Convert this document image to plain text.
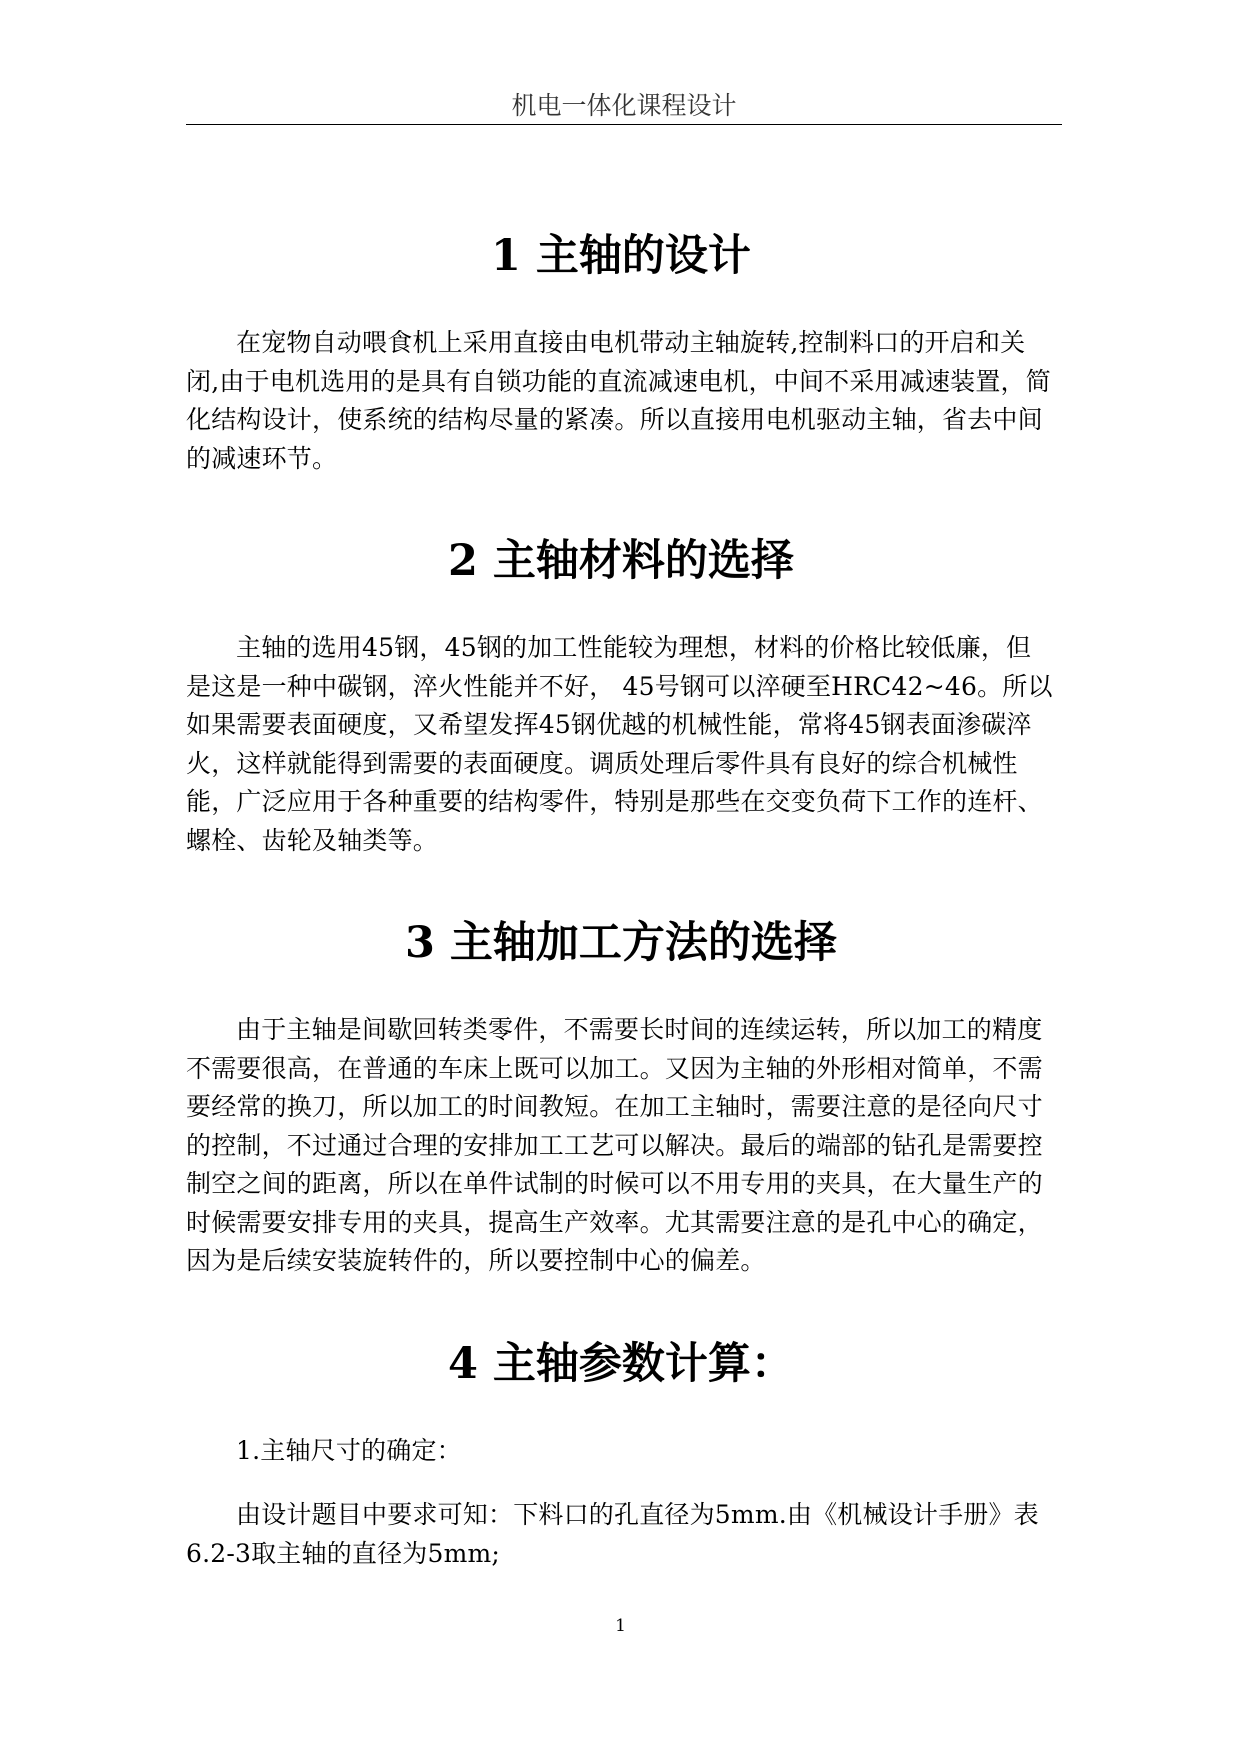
机电一体化课程设计
1 主轴的设计

在宠物自动喂食机上采用直接由电机带动主轴旋转,控制料口的开启和关闭,由于电机选用的是具有自锁功能的直流减速电机，中间不采用减速装置，简化结构设计，使系统的结构尽量的紧凑。所以直接用电机驱动主轴，省去中间的减速环节。

2 主轴材料的选择

主轴的选用45钢，45钢的加工性能较为理想，材料的价格比较低廉，但是这是一种中碳钢，淬火性能并不好， 45号钢可以淬硬至HRC42~46。所以如果需要表面硬度，又希望发挥45钢优越的机械性能，常将45钢表面渗碳淬火，这样就能得到需要的表面硬度。调质处理后零件具有良好的综合机械性能，广泛应用于各种重要的结构零件，特别是那些在交变负荷下工作的连杆、螺栓、齿轮及轴类等。

3 主轴加工方法的选择

由于主轴是间歇回转类零件，不需要长时间的连续运转，所以加工的精度不需要很高，在普通的车床上既可以加工。又因为主轴的外形相对简单，不需要经常的换刀，所以加工的时间教短。在加工主轴时，需要注意的是径向尺寸的控制，不过通过合理的安排加工工艺可以解决。最后的端部的钻孔是需要控制空之间的距离，所以在单件试制的时候可以不用专用的夹具，在大量生产的时候需要安排专用的夹具，提高生产效率。尤其需要注意的是孔中心的确定，因为是后续安装旋转件的，所以要控制中心的偏差。

4 主轴参数计算：

1.主轴尺寸的确定：

由设计题目中要求可知：下料口的孔直径为5mm.由《机械设计手册》表6.2-3取主轴的直径为5mm;

1
